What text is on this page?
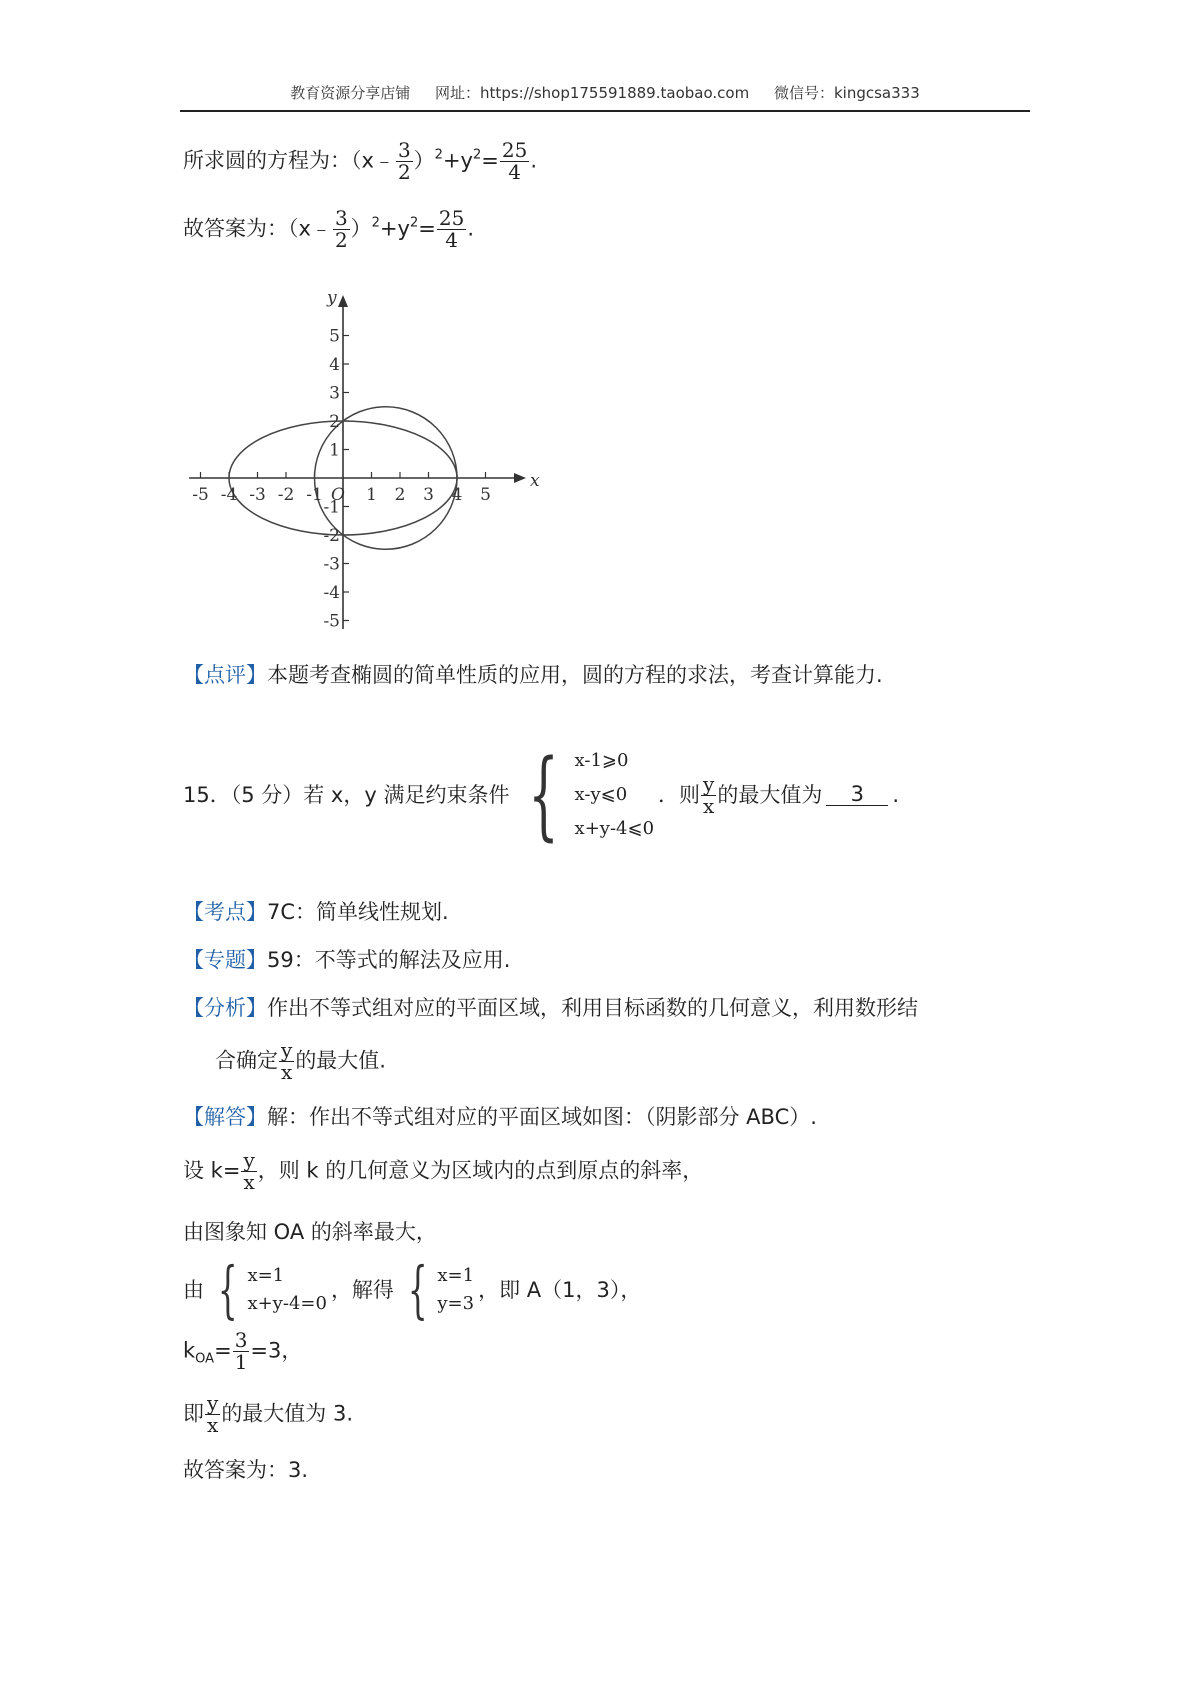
教育资源分享店铺 网址：https://shop175591889.taobao.com 微信号：kingcsa333
所求圆的方程为：（x﹣ $\frac{3}{2} )^2+y^2= \frac{25}{4}$ .
故答案为：（x﹣ $\frac{3}{2} )^2+y^2= \frac{25}{4}$ .
x
y
O
-5 -4 -3 -2 -1	1 2 3 4 5
5
4
3
2
1
-1
-2
-3
-4
-5
【点评】本题考查椭圆的简单性质的应用，圆的方程的求法，考查计算能力.
15．（5 分）若 x，y 满足约束条件 { x-1⩾0
x-y⩽0
x+y-4⩽0
．则 $\frac{y}{x}$ 的最大值为	3	.
【考点】7C：简单线性规划.
【专题】59：不等式的解法及应用.
【分析】作出不等式组对应的平面区域，利用目标函数的几何意义，利用数形结
合确定 $\frac{y}{x}$ 的最大值.
【解答】解：作出不等式组对应的平面区域如图：（阴影部分 ABC）.
设 $k= \frac{y}{x}$ ，则 k 的几何意义为区域内的点到原点的斜率，
由图象知 OA 的斜率最大，
由 { x=1
x+y-4=0
，解得 { x=1
y=3
，即 A（1，3），
$k_{OA}= \frac{3}{1} =3$，
即 $\frac{y}{x}$ 的最大值为 3.
故答案为：3.
